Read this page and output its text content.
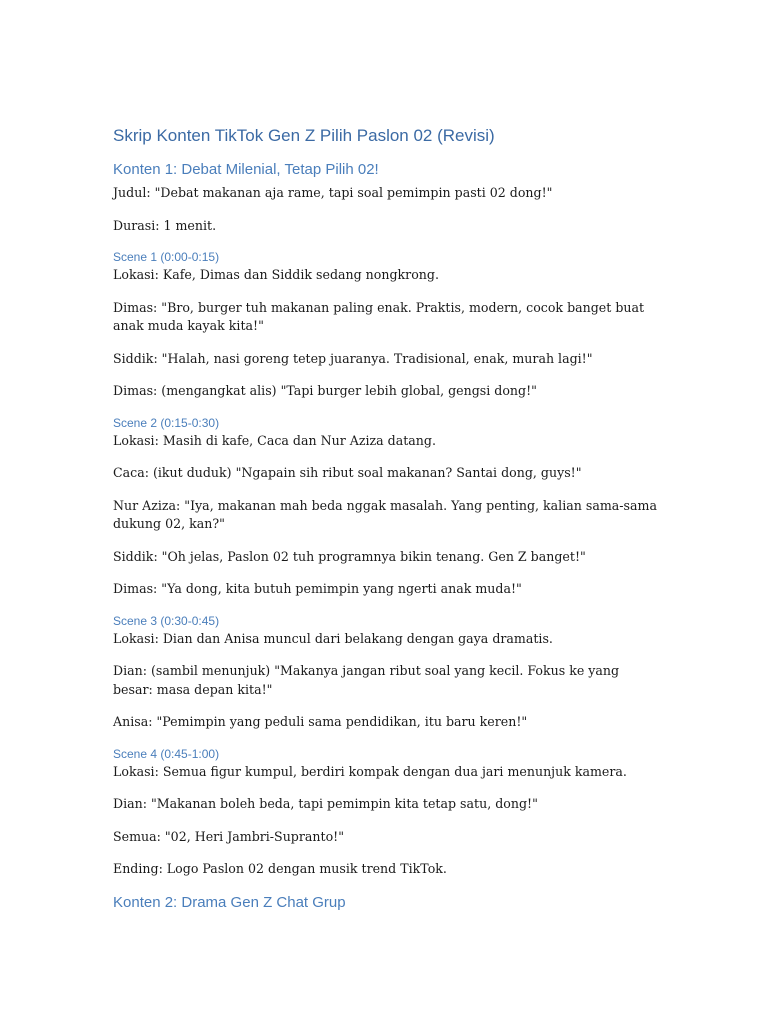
Skrip Konten TikTok Gen Z Pilih Paslon 02 (Revisi)
Konten 1: Debat Milenial, Tetap Pilih 02!

Judul: "Debat makanan aja rame, tapi soal pemimpin pasti 02 dong!"

Durasi: 1 menit.

Scene 1 (0:00-0:15)

Lokasi: Kafe, Dimas dan Siddik sedang nongkrong.

Dimas: "Bro, burger tuh makanan paling enak. Praktis, modern, cocok banget buat anak muda kayak kita!"

Siddik: "Halah, nasi goreng tetep juaranya. Tradisional, enak, murah lagi!"

Dimas: (mengangkat alis) "Tapi burger lebih global, gengsi dong!"

Scene 2 (0:15-0:30)

Lokasi: Masih di kafe, Caca dan Nur Aziza datang.

Caca: (ikut duduk) "Ngapain sih ribut soal makanan? Santai dong, guys!"

Nur Aziza: "Iya, makanan mah beda nggak masalah. Yang penting, kalian sama-sama dukung 02, kan?"

Siddik: "Oh jelas, Paslon 02 tuh programnya bikin tenang. Gen Z banget!"

Dimas: "Ya dong, kita butuh pemimpin yang ngerti anak muda!"

Scene 3 (0:30-0:45)

Lokasi: Dian dan Anisa muncul dari belakang dengan gaya dramatis.

Dian: (sambil menunjuk) "Makanya jangan ribut soal yang kecil. Fokus ke yang besar: masa depan kita!"

Anisa: "Pemimpin yang peduli sama pendidikan, itu baru keren!"

Scene 4 (0:45-1:00)

Lokasi: Semua figur kumpul, berdiri kompak dengan dua jari menunjuk kamera.

Dian: "Makanan boleh beda, tapi pemimpin kita tetap satu, dong!"

Semua: "02, Heri Jambri-Supranto!"

Ending: Logo Paslon 02 dengan musik trend TikTok.

Konten 2: Drama Gen Z Chat Grup
